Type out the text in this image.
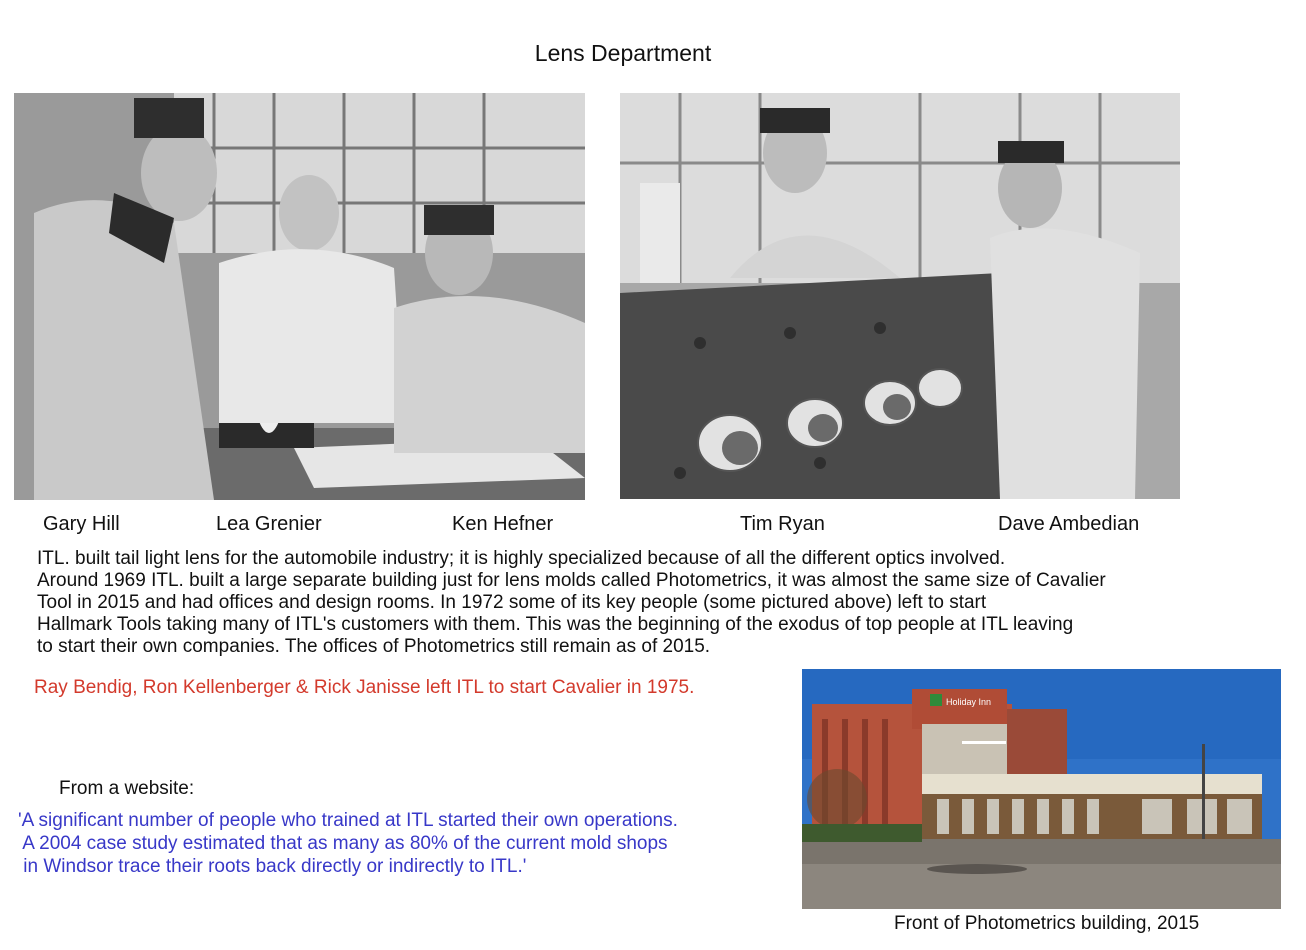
Lens Department
Gary Hill	Lea Grenier	Ken Hefner	Tim Ryan	Dave Ambedian
ITL. built tail light lens for the automobile industry; it is highly specialized because of all the different optics involved.
Around 1969 ITL. built a large separate building just for lens molds called Photometrics, it was almost the same size of Cavalier
Tool in 2015 and had offices and design rooms. In 1972 some of its key people (some pictured above) left to start
Hallmark Tools taking many of ITL's customers with them. This was the beginning of the exodus of top people at ITL leaving
to start their own companies. The offices of Photometrics still remain as of 2015.
Ray Bendig, Ron Kellenberger & Rick Janisse left ITL to start Cavalier in 1975.
From a website:
'A significant number of people who trained at ITL started their own operations.
A 2004 case study estimated that as many as 80% of the current mold shops
in Windsor trace their roots back directly or indirectly to ITL.'
Holiday Inn
Front of Photometrics building, 2015
